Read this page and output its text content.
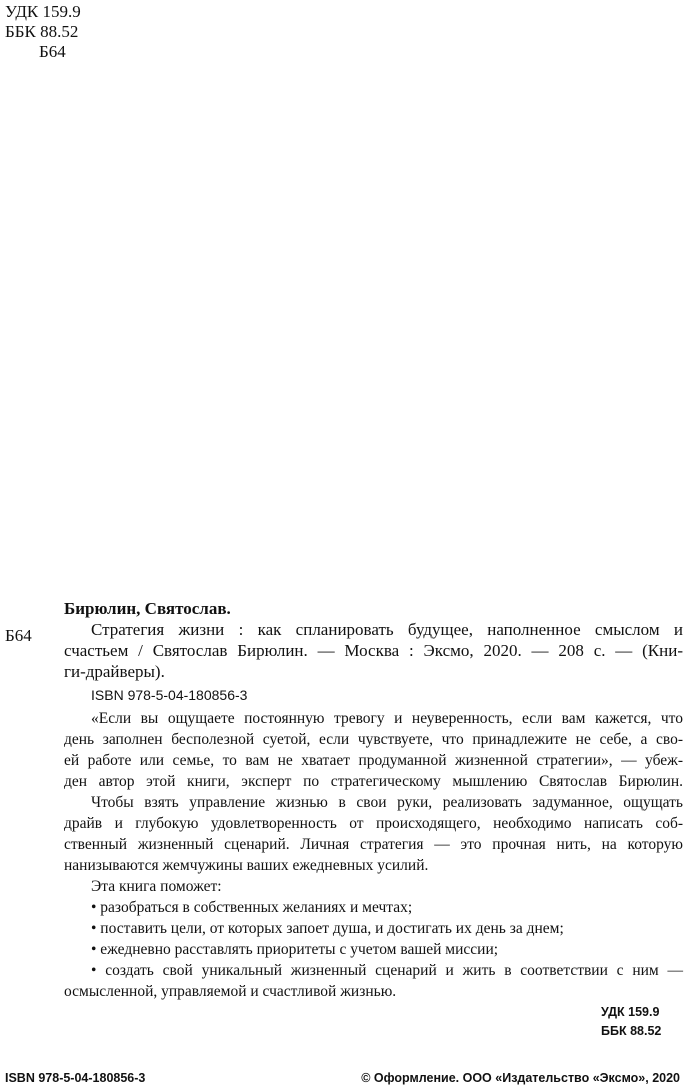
УДК 159.9
ББК 88.52
Б64
Б64
Бирюлин, Святослав.
Стратегия жизни : как спланировать будущее, наполненное смыслом и
счастьем / Святослав Бирюлин. — Москва : Эксмо, 2020. — 208 с. — (Кни-
ги-драйверы).
ISBN 978-5-04-180856-3
«Если вы ощущаете постоянную тревогу и неуверенность, если вам кажется, что
день заполнен бесполезной суетой, если чувствуете, что принадлежите не себе, а сво-
ей работе или семье, то вам не хватает продуманной жизненной стратегии», — убеж-
ден автор этой книги, эксперт по стратегическому мышлению Святослав Бирюлин.
Чтобы взять управление жизнью в свои руки, реализовать задуманное, ощущать
драйв и глубокую удовлетворенность от происходящего, необходимо написать соб-
ственный жизненный сценарий. Личная стратегия — это прочная нить, на которую
нанизываются жемчужины ваших ежедневных усилий.
Эта книга поможет:
• разобраться в собственных желаниях и мечтах;
• поставить цели, от которых запоет душа, и достигать их день за днем;
• ежедневно расставлять приоритеты с учетом вашей миссии;
• создать свой уникальный жизненный сценарий и жить в соответствии с ним —
осмысленной, управляемой и счастливой жизнью.
УДК 159.9
ББК 88.52
ISBN 978-5-04-180856-3	© Оформление. ООО «Издательство «Эксмо», 2020
